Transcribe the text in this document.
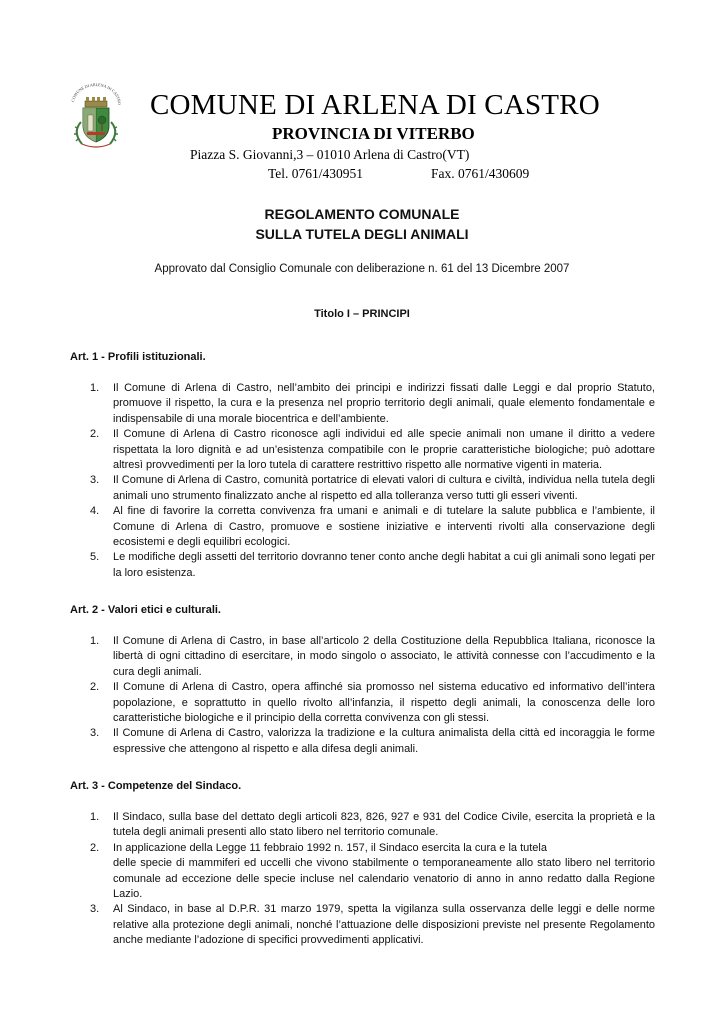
COMUNE DI ARLENA DI CASTRO COMUNE DI ARLENA DI CASTRO
PROVINCIA DI VITERBO
Piazza S. Giovanni,3 – 01010 Arlena di Castro(VT)
Tel. 0761/430951	Fax. 0761/430609
REGOLAMENTO COMUNALE
SULLA TUTELA DEGLI ANIMALI
Approvato dal Consiglio Comunale con deliberazione n. 61 del 13 Dicembre 2007
Titolo I – PRINCIPI

Art. 1 - Profili istituzionali.

1.	Il Comune di Arlena di Castro, nell’ambito dei principi e indirizzi fissati dalle Leggi e dal proprio Statuto, promuove il rispetto, la cura e la presenza nel proprio territorio degli animali, quale elemento fondamentale e indispensabile di una morale biocentrica e dell’ambiente.
2.	Il Comune di Arlena di Castro riconosce agli individui ed alle specie animali non umane il diritto a vedere rispettata la loro dignità e ad un’esistenza compatibile con le proprie caratteristiche biologiche; può adottare altresì provvedimenti per la loro tutela di carattere restrittivo rispetto alle normative vigenti in materia.
3.	Il Comune di Arlena di Castro, comunità portatrice di elevati valori di cultura e civiltà, individua nella tutela degli animali uno strumento finalizzato anche al rispetto ed alla tolleranza verso tutti gli esseri viventi.
4.	Al fine di favorire la corretta convivenza fra umani e animali e di tutelare la salute pubblica e l’ambiente, il Comune di Arlena di Castro, promuove e sostiene iniziative e interventi rivolti alla conservazione degli ecosistemi e degli equilibri ecologici.
5.	Le modifiche degli assetti del territorio dovranno tener conto anche degli habitat a cui gli animali sono legati per la loro esistenza.

Art. 2 - Valori etici e culturali.

1.	Il Comune di Arlena di Castro, in base all’articolo 2 della Costituzione della Repubblica Italiana, riconosce la libertà di ogni cittadino di esercitare, in modo singolo o associato, le attività connesse con l’accudimento e la cura degli animali.
2.	Il Comune di Arlena di Castro, opera affinché sia promosso nel sistema educativo ed informativo dell’intera popolazione, e soprattutto in quello rivolto all’infanzia, il rispetto degli animali, la conoscenza delle loro caratteristiche biologiche e il principio della corretta convivenza con gli stessi.
3.	Il Comune di Arlena di Castro, valorizza la tradizione e la cultura animalista della città ed incoraggia le forme espressive che attengono al rispetto e alla difesa degli animali.

Art. 3 - Competenze del Sindaco.

1.	Il Sindaco, sulla base del dettato degli articoli 823, 826, 927 e 931 del Codice Civile, esercita la proprietà e la tutela degli animali presenti allo stato libero nel territorio comunale.
2.	In applicazione della Legge 11 febbraio 1992 n. 157, il Sindaco esercita la cura e la tutela
delle specie di mammiferi ed uccelli che vivono stabilmente o temporaneamente allo stato libero nel territorio comunale ad eccezione delle specie incluse nel calendario venatorio di anno in anno redatto dalla Regione Lazio.
3.	Al Sindaco, in base al D.P.R. 31 marzo 1979, spetta la vigilanza sulla osservanza delle leggi e delle norme relative alla protezione degli animali, nonché l’attuazione delle disposizioni previste nel presente Regolamento anche mediante l’adozione di specifici provvedimenti applicativi.
